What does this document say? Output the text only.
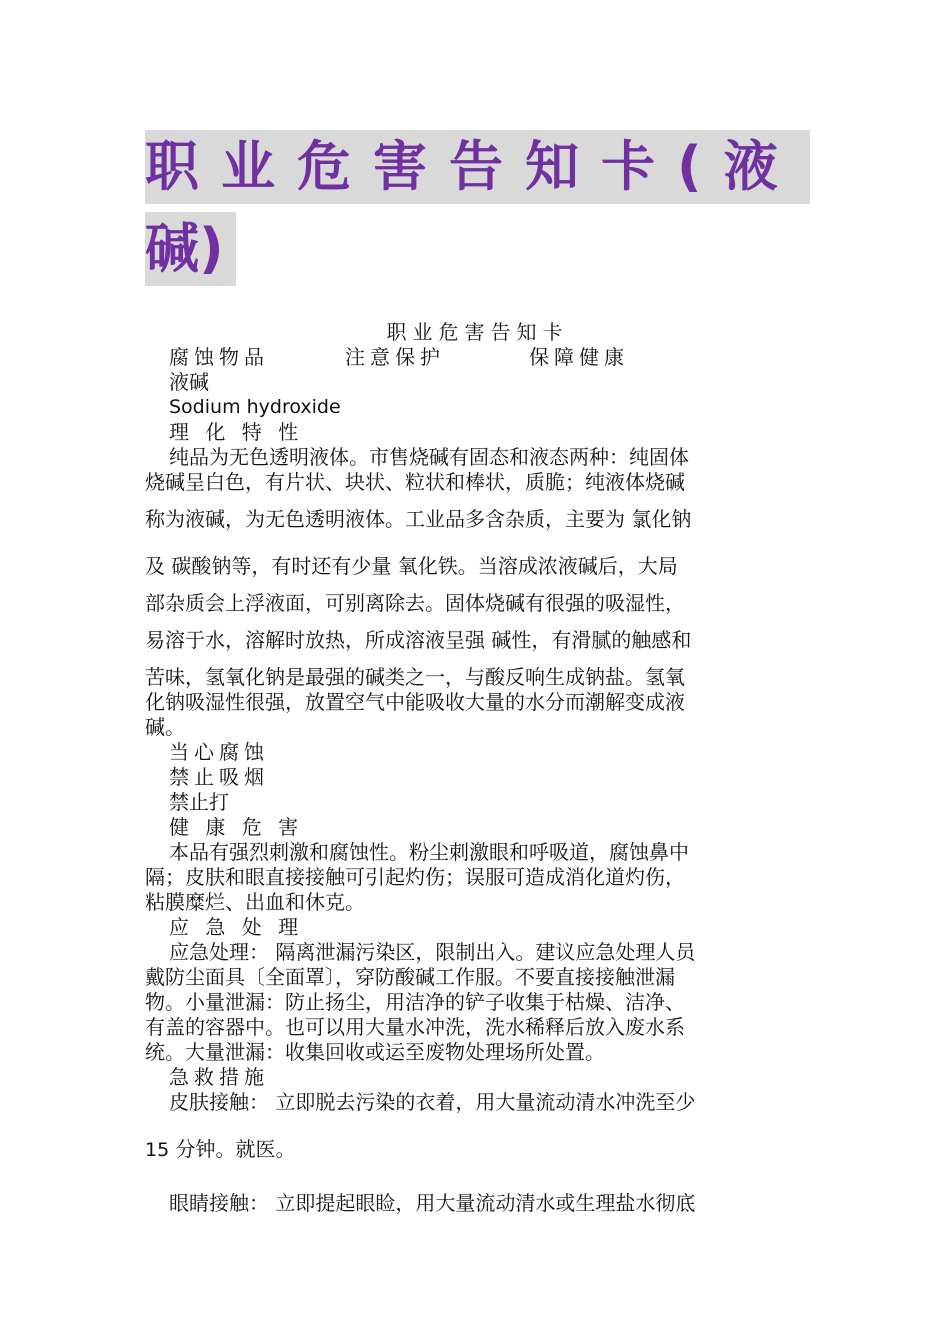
职业危害告知卡(液
碱)
职业危害告知卡
腐蚀物品	注意保护	保障健康
液碱
Sodium hydroxide
理 化 特 性
纯品为无色透明液体。市售烧碱有固态和液态两种：纯固体
烧碱呈白色，有片状、块状、粒状和棒状，质脆；纯液体烧碱
称为液碱，为无色透明液体。工业品多含杂质，主要为 氯化钠
及 碳酸钠等，有时还有少量 氧化铁。当溶成浓液碱后，大局
部杂质会上浮液面，可别离除去。固体烧碱有很强的吸湿性，
易溶于水，溶解时放热，所成溶液呈强 碱性，有滑腻的触感和
苦味，氢氧化钠是最强的碱类之一，与酸反响生成钠盐。氢氧
化钠吸湿性很强，放置空气中能吸收大量的水分而潮解变成液
碱。
当心腐蚀
禁止吸烟
禁止打
健 康 危 害
本品有强烈刺激和腐蚀性。粉尘刺激眼和呼吸道，腐蚀鼻中
隔；皮肤和眼直接接触可引起灼伤；误服可造成消化道灼伤，
粘膜糜烂、出血和休克。
应 急 处 理
应急处理： 隔离泄漏污染区，限制出入。建议应急处理人员
戴防尘面具〔全面罩〕，穿防酸碱工作服。不要直接接触泄漏
物。小量泄漏：防止扬尘，用洁净的铲子收集于枯燥、洁净、
有盖的容器中。也可以用大量水冲洗，洗水稀释后放入废水系
统。大量泄漏：收集回收或运至废物处理场所处置。
急救措施
皮肤接触： 立即脱去污染的衣着，用大量流动清水冲洗至少
15 分钟。就医。
眼睛接触： 立即提起眼睑，用大量流动清水或生理盐水彻底
